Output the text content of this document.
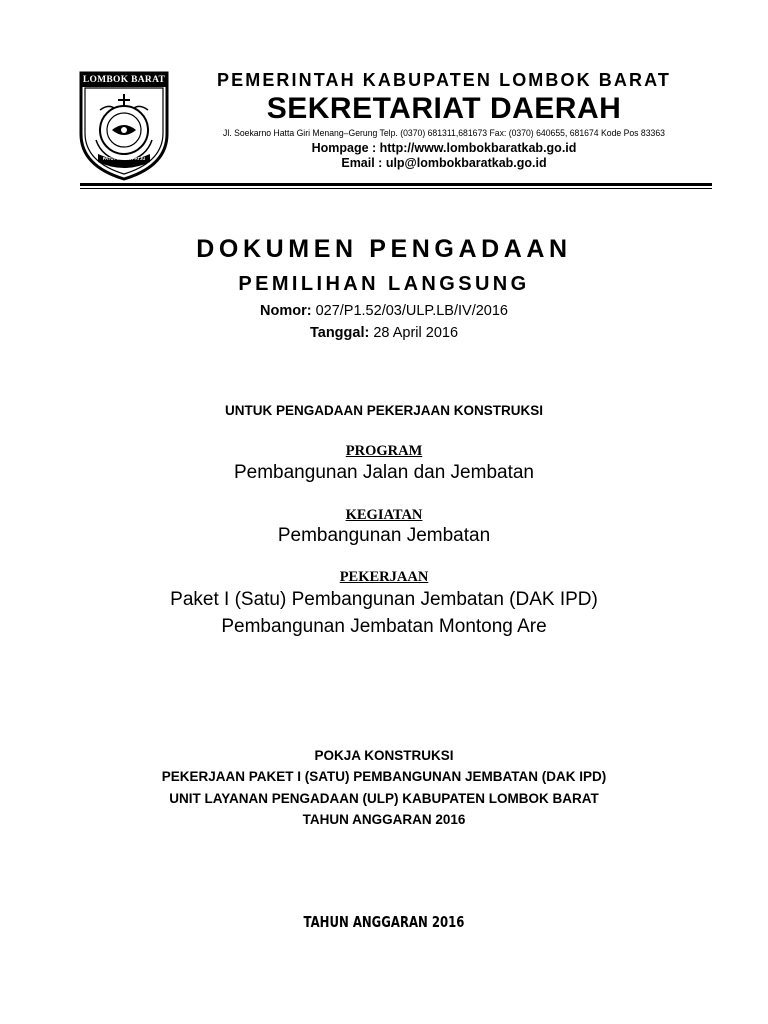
LOMBOK BARAT
PATUT PATUH PATJU
PEMERINTAH KABUPATEN LOMBOK BARAT
SEKRETARIAT DAERAH
Jl. Soekarno Hatta Giri Menang–Gerung Telp. (0370) 681311,681673 Fax: (0370) 640655, 681674 Kode Pos 83363
Hompage : http://www.lombokbaratkab.go.id
Email : ulp@lombokbaratkab.go.id
DOKUMEN PENGADAAN
PEMILIHAN LANGSUNG
Nomor: 027/P1.52/03/ULP.LB/IV/2016
Tanggal: 28 April 2016
UNTUK PENGADAAN PEKERJAAN KONSTRUKSI
PROGRAM
Pembangunan Jalan dan Jembatan
KEGIATAN
Pembangunan Jembatan
PEKERJAAN
Paket I (Satu) Pembangunan Jembatan (DAK IPD)
Pembangunan Jembatan Montong Are
POKJA KONSTRUKSI
PEKERJAAN PAKET I (SATU) PEMBANGUNAN JEMBATAN (DAK IPD)
UNIT LAYANAN PENGADAAN (ULP) KABUPATEN LOMBOK BARAT
TAHUN ANGGARAN 2016
TAHUN ANGGARAN 2016
